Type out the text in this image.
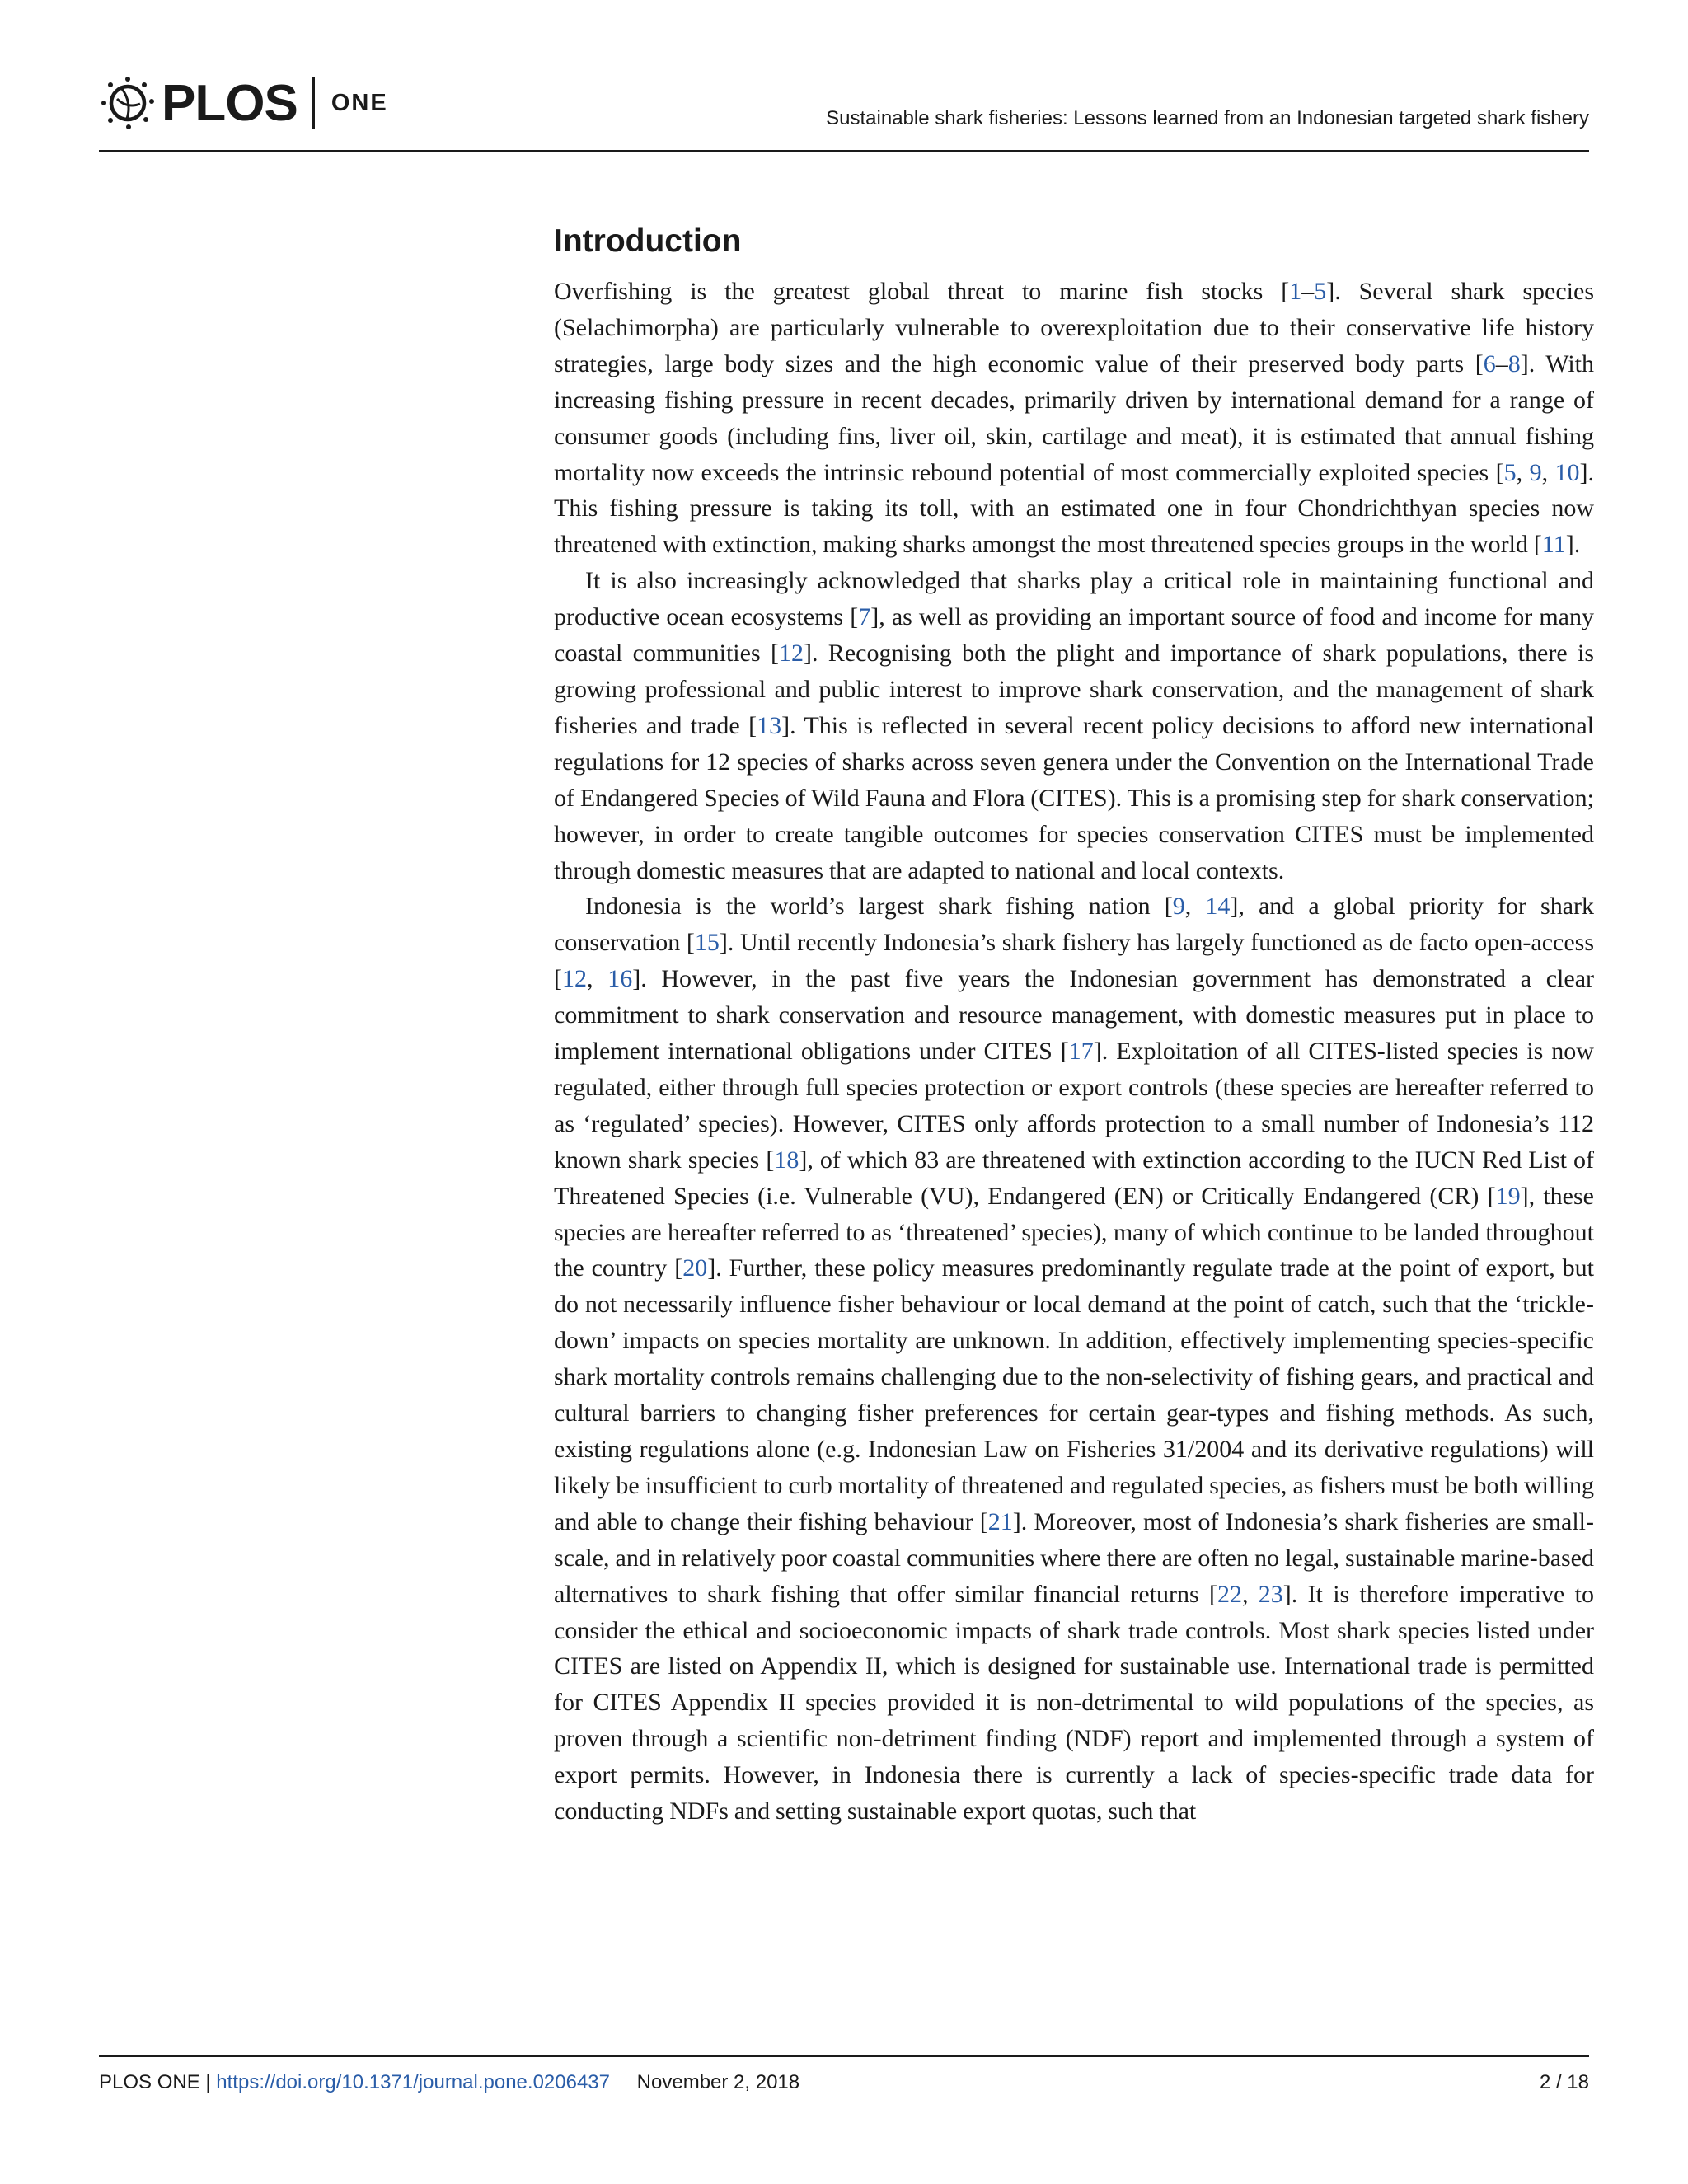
PLOS ONE
Sustainable shark fisheries: Lessons learned from an Indonesian targeted shark fishery
Introduction

Overfishing is the greatest global threat to marine fish stocks [1–5]. Several shark species (Selachimorpha) are particularly vulnerable to overexploitation due to their conservative life history strategies, large body sizes and the high economic value of their preserved body parts [6–8]. With increasing fishing pressure in recent decades, primarily driven by international demand for a range of consumer goods (including fins, liver oil, skin, cartilage and meat), it is estimated that annual fishing mortality now exceeds the intrinsic rebound potential of most commercially exploited species [5, 9, 10]. This fishing pressure is taking its toll, with an estimated one in four Chondrichthyan species now threatened with extinction, making sharks amongst the most threatened species groups in the world [11].

It is also increasingly acknowledged that sharks play a critical role in maintaining functional and productive ocean ecosystems [7], as well as providing an important source of food and income for many coastal communities [12]. Recognising both the plight and importance of shark populations, there is growing professional and public interest to improve shark conservation, and the management of shark fisheries and trade [13]. This is reflected in several recent policy decisions to afford new international regulations for 12 species of sharks across seven genera under the Convention on the International Trade of Endangered Species of Wild Fauna and Flora (CITES). This is a promising step for shark conservation; however, in order to create tangible outcomes for species conservation CITES must be implemented through domestic measures that are adapted to national and local contexts.

Indonesia is the world’s largest shark fishing nation [9, 14], and a global priority for shark conservation [15]. Until recently Indonesia’s shark fishery has largely functioned as de facto open-access [12, 16]. However, in the past five years the Indonesian government has demonstrated a clear commitment to shark conservation and resource management, with domestic measures put in place to implement international obligations under CITES [17]. Exploitation of all CITES-listed species is now regulated, either through full species protection or export controls (these species are hereafter referred to as ‘regulated’ species). However, CITES only affords protection to a small number of Indonesia’s 112 known shark species [18], of which 83 are threatened with extinction according to the IUCN Red List of Threatened Species (i.e. Vulnerable (VU), Endangered (EN) or Critically Endangered (CR) [19], these species are hereafter referred to as ‘threatened’ species), many of which continue to be landed throughout the country [20]. Further, these policy measures predominantly regulate trade at the point of export, but do not necessarily influence fisher behaviour or local demand at the point of catch, such that the ‘trickle-down’ impacts on species mortality are unknown. In addition, effectively implementing species-specific shark mortality controls remains challenging due to the non-selectivity of fishing gears, and practical and cultural barriers to changing fisher preferences for certain gear-types and fishing methods. As such, existing regulations alone (e.g. Indonesian Law on Fisheries 31/2004 and its derivative regulations) will likely be insufficient to curb mortality of threatened and regulated species, as fishers must be both willing and able to change their fishing behaviour [21]. Moreover, most of Indonesia’s shark fisheries are small-scale, and in relatively poor coastal communities where there are often no legal, sustainable marine-based alternatives to shark fishing that offer similar financial returns [22, 23]. It is therefore imperative to consider the ethical and socioeconomic impacts of shark trade controls. Most shark species listed under CITES are listed on Appendix II, which is designed for sustainable use. International trade is permitted for CITES Appendix II species provided it is non-detrimental to wild populations of the species, as proven through a scientific non-detriment finding (NDF) report and implemented through a system of export permits. However, in Indonesia there is currently a lack of species-specific trade data for conducting NDFs and setting sustainable export quotas, such that

PLOS ONE | https://doi.org/10.1371/journal.pone.0206437 November 2, 2018	2 / 18
